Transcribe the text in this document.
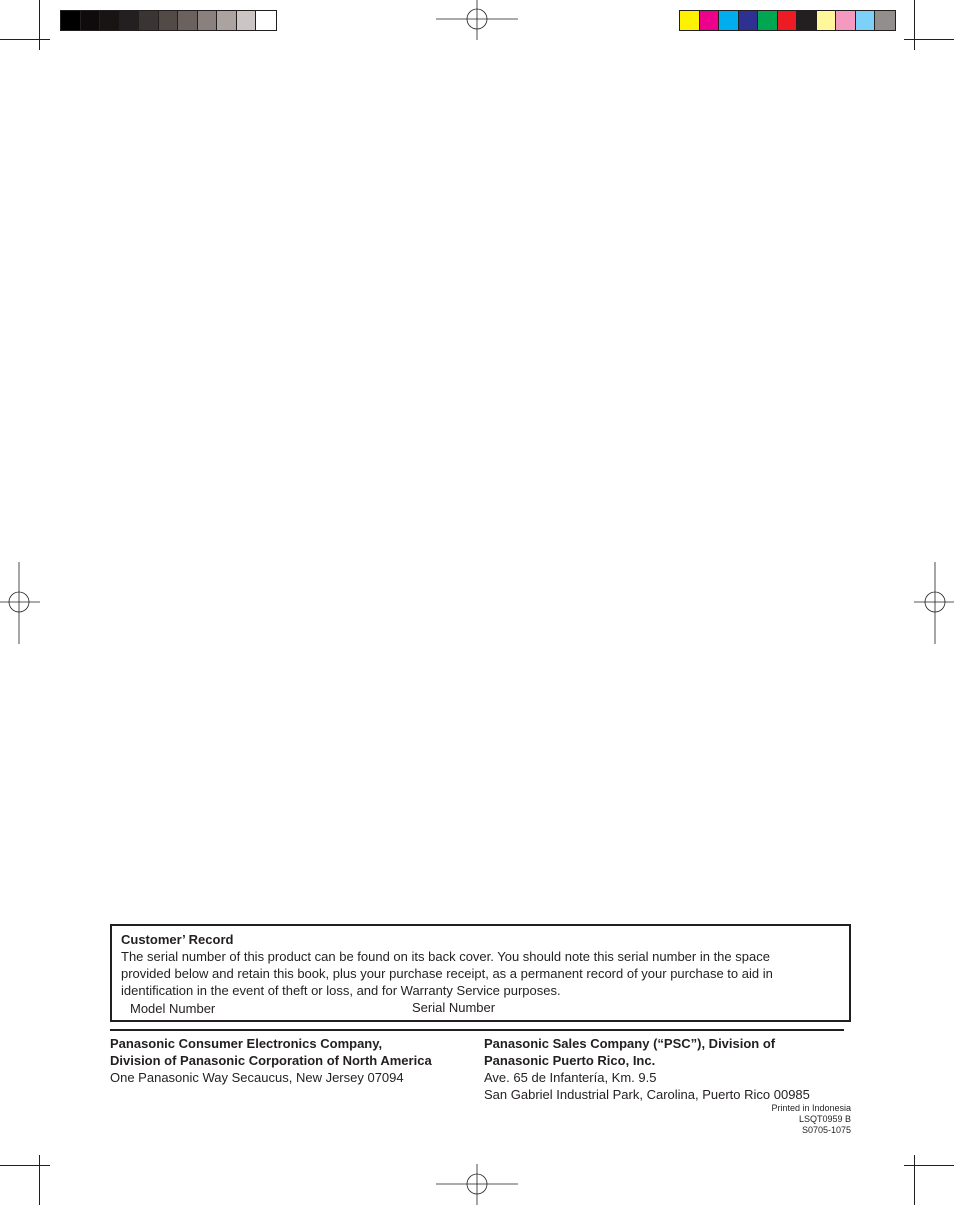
Customer’ Record
The serial number of this product can be found on its back cover. You should note this serial number in the space
provided below and retain this book, plus your purchase receipt, as a permanent record of your purchase to aid in
identification in the event of theft or loss, and for Warranty Service purposes.
Model Number	Serial Number
Panasonic Consumer Electronics Company,
Division of Panasonic Corporation of North America
One Panasonic Way Secaucus, New Jersey 07094
Panasonic Sales Company (“PSC”), Division of
Panasonic Puerto Rico, Inc.
Ave. 65 de Infantería, Km. 9.5
San Gabriel Industrial Park, Carolina, Puerto Rico 00985
Printed in Indonesia
LSQT0959 B
S0705-1075
